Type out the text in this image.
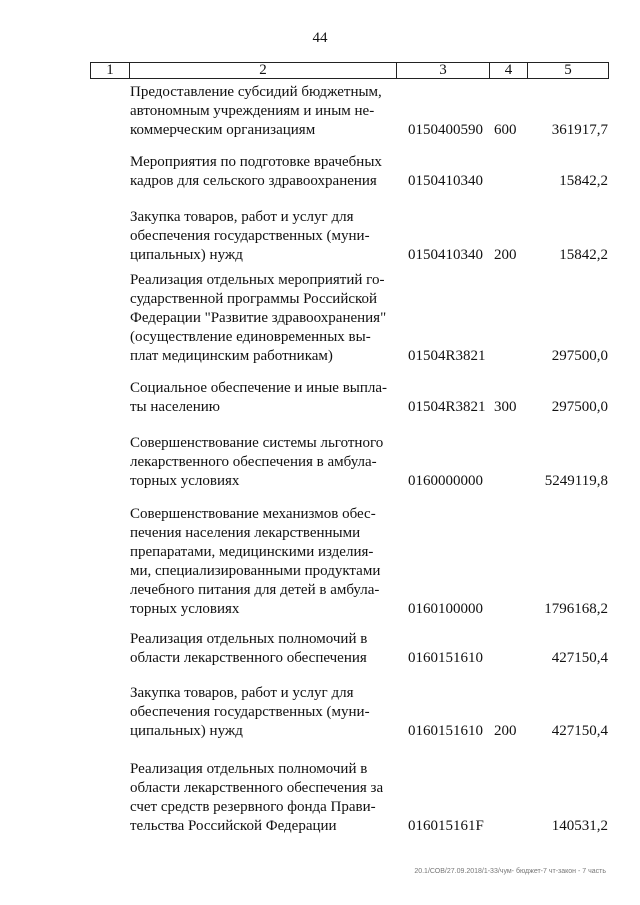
44
1	2	3	4	5
Предоставление субсидий бюджетным,
автономным учреждениям и иным не-
коммерческим организациям	0150400590 600	361917,7
Мероприятия по подготовке врачебных
кадров для сельского здравоохранения	0150410340	15842,2
Закупка товаров, работ и услуг для
обеспечения государственных (муни-
ципальных) нужд	0150410340 200	15842,2
Реализация отдельных мероприятий го-
сударственной программы Российской
Федерации "Развитие здравоохранения"
(осуществление единовременных вы-
плат медицинским работникам)	01504R3821	297500,0
Социальное обеспечение и иные выпла-
ты населению	01504R3821 300	297500,0
Совершенствование системы льготного
лекарственного обеспечения в амбула-
торных условиях	0160000000	5249119,8
Совершенствование механизмов обес-
печения населения лекарственными
препаратами, медицинскими изделия-
ми, специализированными продуктами
лечебного питания для детей в амбула-
торных условиях	0160100000	1796168,2
Реализация отдельных полномочий в
области лекарственного обеспечения	0160151610	427150,4
Закупка товаров, работ и услуг для
обеспечения государственных (муни-
ципальных) нужд	0160151610 200	427150,4
Реализация отдельных полномочий в
области лекарственного обеспечения за
счет средств резервного фонда Прави-
тельства Российской Федерации	016015161F	140531,2
20.1/СОВ/27.09.2018/1-33/чум- бюджет-7 чт-закон - 7 часть
